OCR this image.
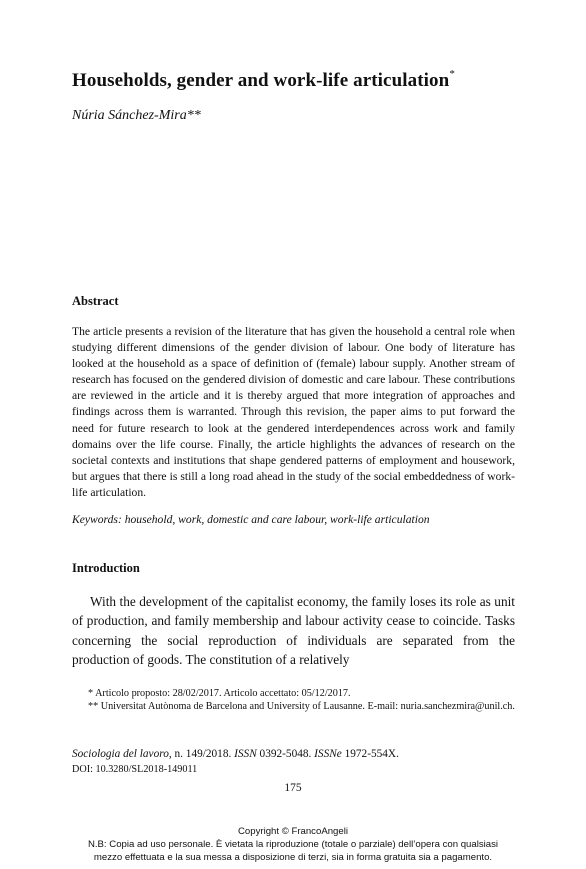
Households, gender and work-life articulation*
Núria Sánchez-Mira**
Abstract
The article presents a revision of the literature that has given the household a central role when studying different dimensions of the gender division of labour. One body of literature has looked at the household as a space of definition of (female) labour supply. Another stream of research has focused on the gendered division of domestic and care labour. These contributions are reviewed in the article and it is thereby argued that more integration of approaches and findings across them is warranted. Through this revision, the paper aims to put forward the need for future research to look at the gendered interdependences across work and family domains over the life course. Finally, the article highlights the advances of research on the societal contexts and institutions that shape gendered patterns of employment and housework, but argues that there is still a long road ahead in the study of the social embeddedness of work-life articulation.
Keywords: household, work, domestic and care labour, work-life articulation
Introduction
With the development of the capitalist economy, the family loses its role as unit of production, and family membership and labour activity cease to coincide. Tasks concerning the social reproduction of individuals are separated from the production of goods. The constitution of a relatively
* Articolo proposto: 28/02/2017. Articolo accettato: 05/12/2017.
** Universitat Autònoma de Barcelona and University of Lausanne. E-mail: nuria.sanchezmira@unil.ch.
Sociologia del lavoro, n. 149/2018. ISSN 0392-5048. ISSNe 1972-554X.
DOI: 10.3280/SL2018-149011
175
Copyright © FrancoAngeli
N.B: Copia ad uso personale. È vietata la riproduzione (totale o parziale) dell’opera con qualsiasi
mezzo effettuata e la sua messa a disposizione di terzi, sia in forma gratuita sia a pagamento.
